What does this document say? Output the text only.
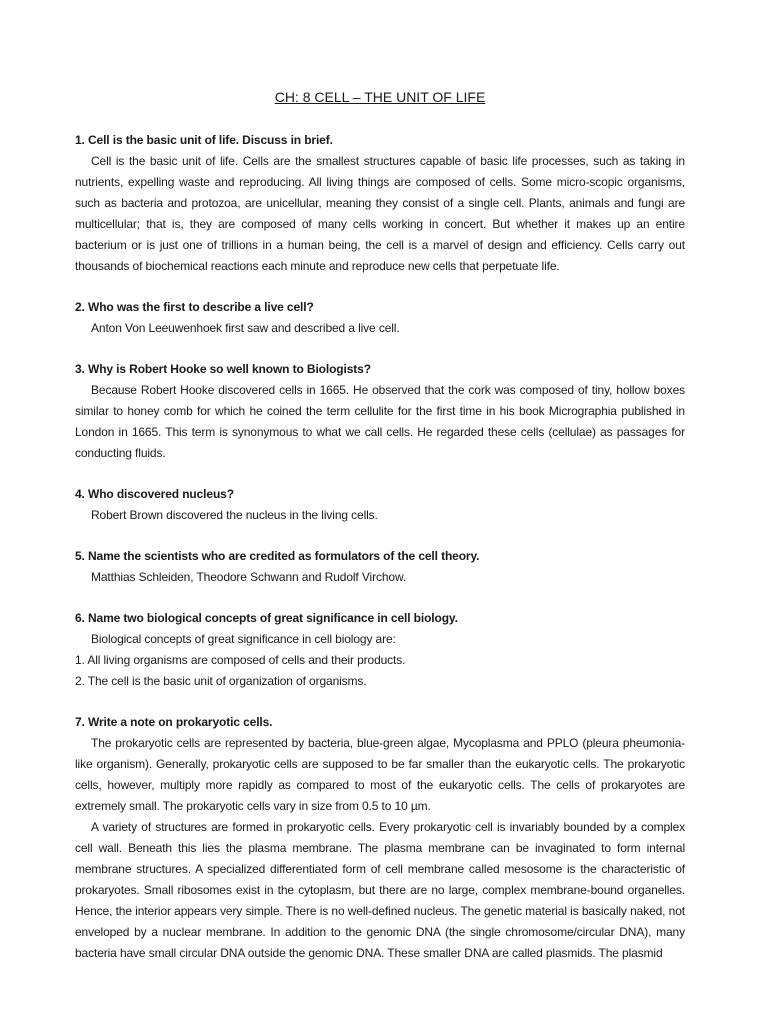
CH: 8 CELL – THE UNIT OF LIFE

1. Cell is the basic unit of life. Discuss in brief.

Cell is the basic unit of life. Cells are the smallest structures capable of basic life processes, such as taking in nutrients, expelling waste and reproducing. All living things are composed of cells. Some micro-scopic organisms, such as bacteria and protozoa, are unicellular, meaning they consist of a single cell. Plants, animals and fungi are multicellular; that is, they are composed of many cells working in concert. But whether it makes up an entire bacterium or is just one of trillions in a human being, the cell is a marvel of design and efficiency. Cells carry out thousands of biochemical reactions each minute and reproduce new cells that perpetuate life.

2. Who was the first to describe a live cell?

Anton Von Leeuwenhoek first saw and described a live cell.

3. Why is Robert Hooke so well known to Biologists?

Because Robert Hooke discovered cells in 1665. He observed that the cork was composed of tiny, hollow boxes similar to honey comb for which he coined the term cellulite for the first time in his book Micrographia published in London in 1665. This term is synonymous to what we call cells. He regarded these cells (cellulae) as passages for conducting fluids.

4. Who discovered nucleus?

Robert Brown discovered the nucleus in the living cells.

5. Name the scientists who are credited as formulators of the cell theory.

Matthias Schleiden, Theodore Schwann and Rudolf Virchow.

6. Name two biological concepts of great significance in cell biology.

Biological concepts of great significance in cell biology are:

1. All living organisms are composed of cells and their products.

2. The cell is the basic unit of organization of organisms.

7. Write a note on prokaryotic cells.

The prokaryotic cells are represented by bacteria, blue-green algae, Mycoplasma and PPLO (pleura pheumonia-like organism). Generally, prokaryotic cells are supposed to be far smaller than the eukaryotic cells. The prokaryotic cells, however, multiply more rapidly as compared to most of the eukaryotic cells. The cells of prokaryotes are extremely small. The prokaryotic cells vary in size from 0.5 to 10 µm.

A variety of structures are formed in prokaryotic cells. Every prokaryotic cell is invariably bounded by a complex cell wall. Beneath this lies the plasma membrane. The plasma membrane can be invaginated to form internal membrane structures. A specialized differentiated form of cell membrane called mesosome is the characteristic of prokaryotes. Small ribosomes exist in the cytoplasm, but there are no large, complex membrane-bound organelles. Hence, the interior appears very simple. There is no well-defined nucleus. The genetic material is basically naked, not enveloped by a nuclear membrane. In addition to the genomic DNA (the single chromosome/circular DNA), many bacteria have small circular DNA outside the genomic DNA. These smaller DNA are called plasmids. The plasmid
